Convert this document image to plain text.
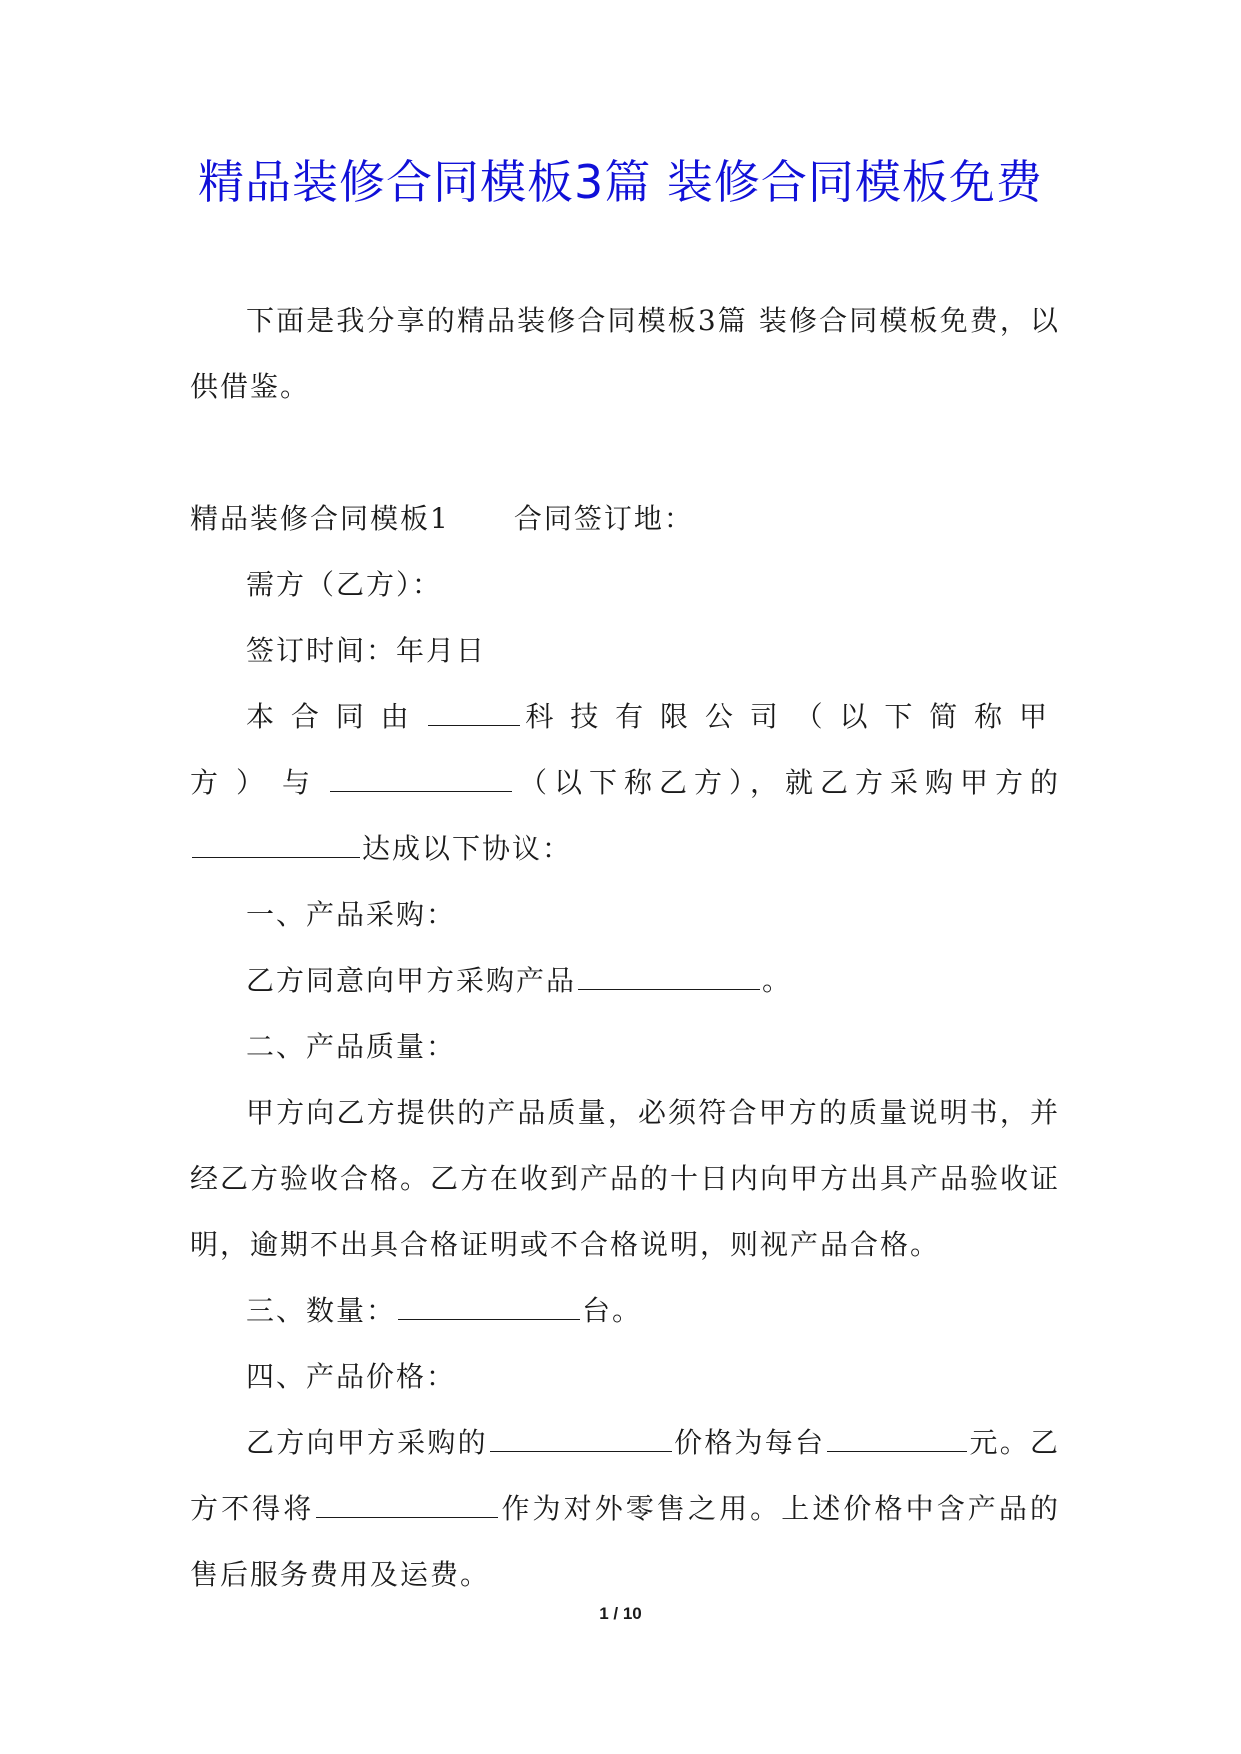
精品装修合同模板3篇 装修合同模板免费

下面是我分享的精品装修合同模板3篇 装修合同模板免费，以供借鉴。

精品装修合同模板1 合同签订地：

需方（乙方）：

签订时间：年月日

本合同由	科技有限公司（以下简称甲方）与	（以下称乙方），就乙方采购甲方的达成以下协议：

一、产品采购：

乙方同意向甲方采购产品	。

二、产品质量：

甲方向乙方提供的产品质量，必须符合甲方的质量说明书，并经乙方验收合格。乙方在收到产品的十日内向甲方出具产品验收证明，逾期不出具合格证明或不合格说明，则视产品合格。

三、数量：	台。

四、产品价格：

乙方向甲方采购的	价格为每台	元。乙方不得将	作为对外零售之用。上述价格中含产品的售后服务费用及运费。

1 / 10
